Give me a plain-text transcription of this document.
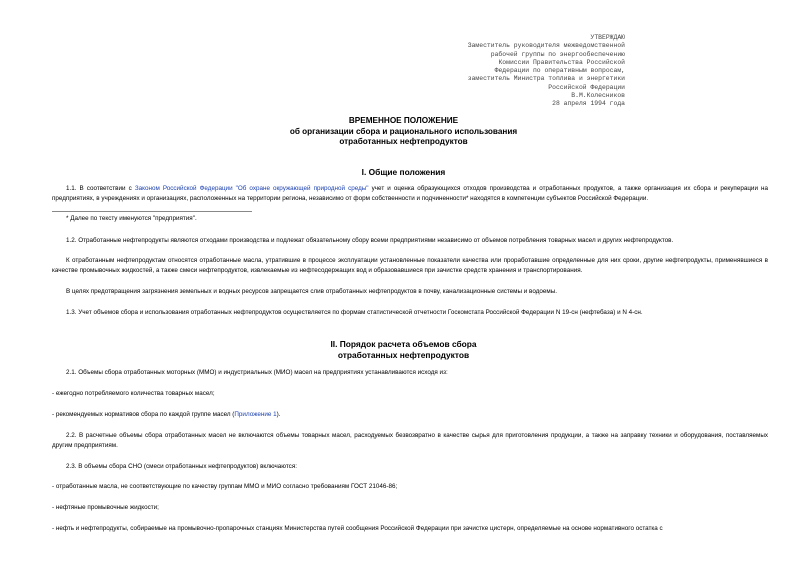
УТВЕРЖДАЮ
Заместитель руководителя межведомственной
рабочей группы по энергообеспечению
Комиссии Правительства Российской
Федерации по оперативным вопросам,
заместитель Министра топлива и энергетики
Российской Федерации
В.М.Колесников
28 апреля 1994 года
ВРЕМЕННОЕ ПОЛОЖЕНИЕ
об организации сбора и рационального использования
отработанных нефтепродуктов
I. Общие положения
1.1. В соответствии с Законом Российской Федерации "Об охране окружающей природной среды" учет и оценка образующихся отходов производства и отработанных продуктов, а также организация их сбора и рекуперации на предприятиях, в учреждениях и организациях, расположенных на территории региона, независимо от форм собственности и подчиненности* находятся в компетенции субъектов Российской Федерации.
* Далее по тексту именуются "предприятия".
1.2. Отработанные нефтепродукты являются отходами производства и подлежат обязательному сбору всеми предприятиями независимо от объемов потребления товарных масел и других нефтепродуктов.
К отработанным нефтепродуктам относятся отработанные масла, утратившие в процессе эксплуатации установленные показатели качества или проработавшие определенные для них сроки, другие нефтепродукты, применявшиеся в качестве промывочных жидкостей, а также смеси нефтепродуктов, извлекаемые из нефтесодержащих вод и образовавшиеся при зачистке средств хранения и транспортирования.
В целях предотвращения загрязнения земельных и водных ресурсов запрещается слив отработанных нефтепродуктов в почву, канализационные системы и водоемы.
1.3. Учет объемов сбора и использования отработанных нефтепродуктов осуществляется по формам статистической отчетности Госкомстата Российской Федерации N 19-сн (нефтебаза) и N 4-сн.
II. Порядок расчета объемов сбора
отработанных нефтепродуктов
2.1. Объемы сбора отработанных моторных (ММО) и индустриальных (МИО) масел на предприятиях устанавливаются исходя из:
- ежегодно потребляемого количества товарных масел;
- рекомендуемых нормативов сбора по каждой группе масел (Приложение 1).
2.2. В расчетные объемы сбора отработанных масел не включаются объемы товарных масел, расходуемых безвозвратно в качестве сырья для приготовления продукции, а также на заправку техники и оборудования, поставляемых другим предприятиям.
2.3. В объемы сбора СНО (смеси отработанных нефтепродуктов) включаются:
- отработанные масла, не соответствующие по качеству группам ММО и МИО согласно требованиям ГОСТ 21046-86;
- нефтяные промывочные жидкости;
- нефть и нефтепродукты, собираемые на промывочно-пропарочных станциях Министерства путей сообщения Российской Федерации при зачистке цистерн, определяемые на основе нормативного остатка с
